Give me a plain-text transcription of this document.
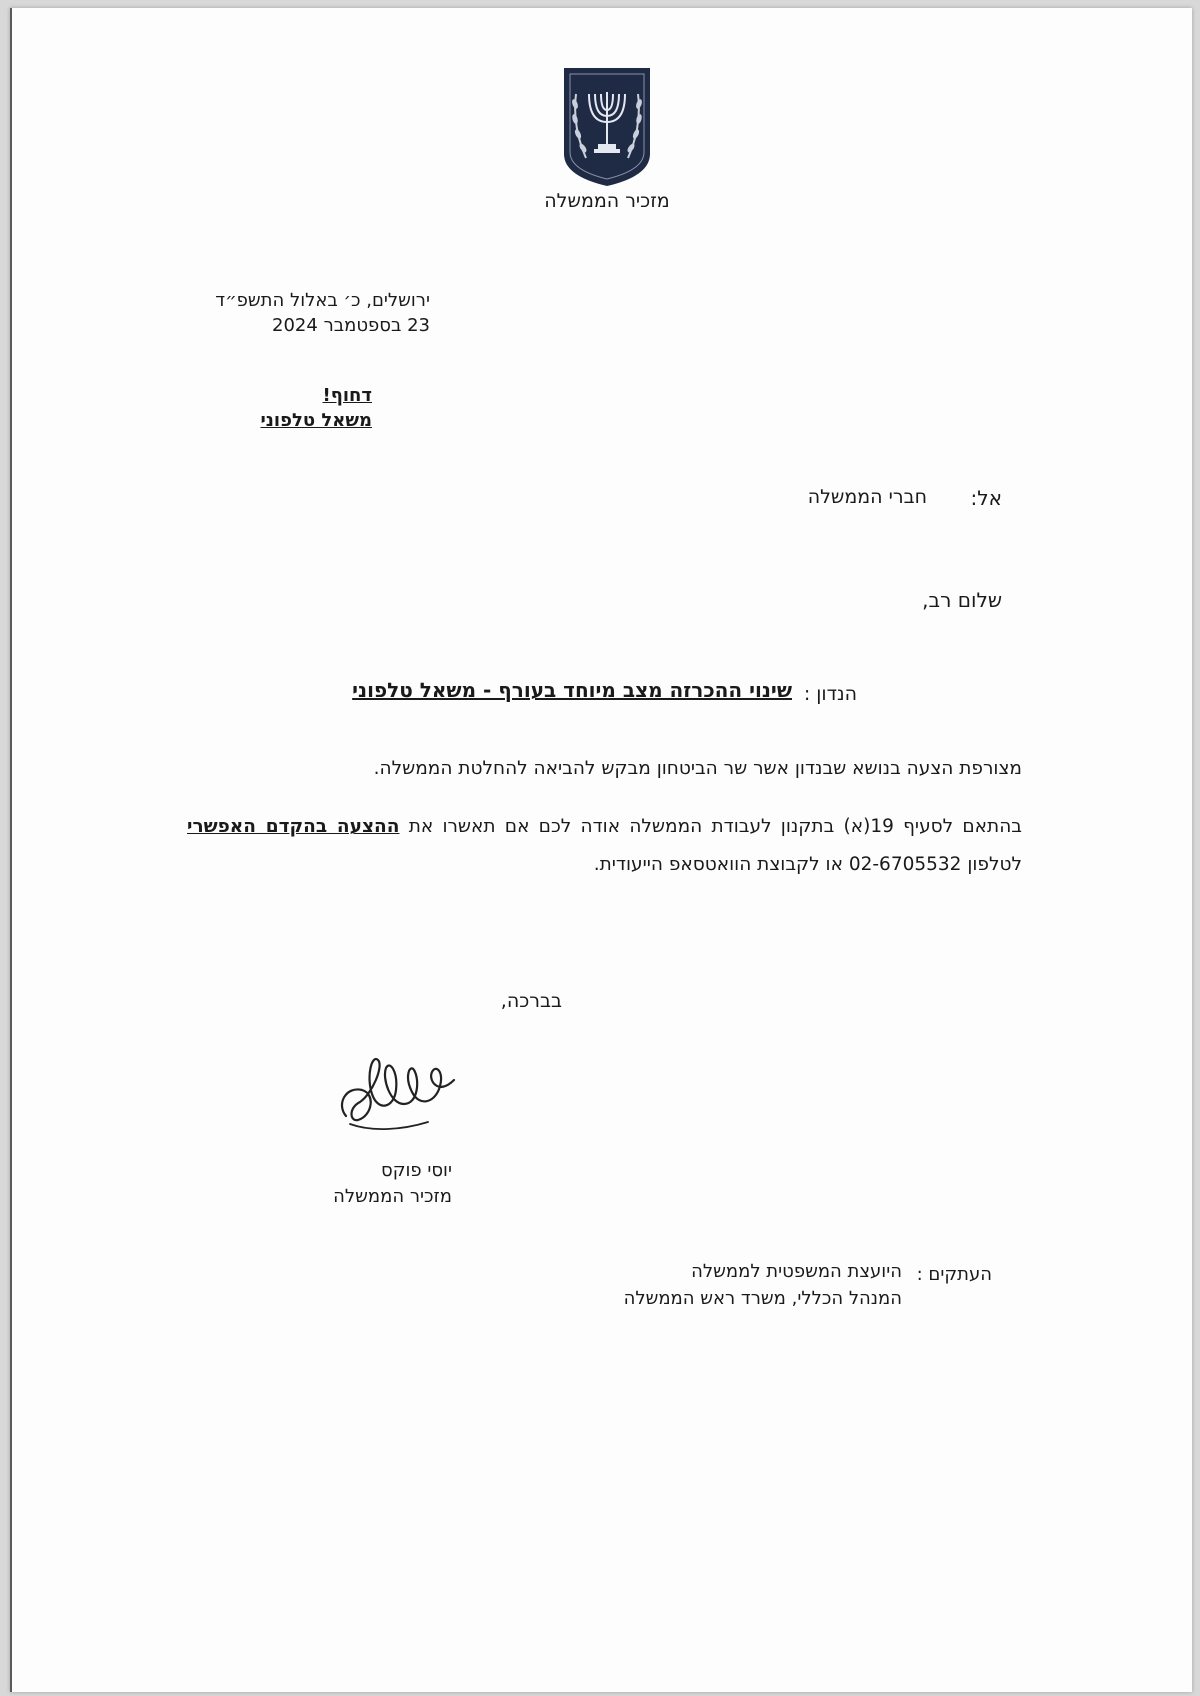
מזכיר הממשלה
ירושלים, כ׳ באלול התשפ״ד
23 בספטמבר 2024
דחוף!
משאל טלפוני
אל:
חברי הממשלה
שלום רב,
הנדון :
שינוי ההכרזה מצב מיוחד בעורף - משאל טלפוני
מצורפת הצעה בנושא שבנדון אשר שר הביטחון מבקש להביאה להחלטת הממשלה.
בהתאם לסעיף 19(א) בתקנון לעבודת הממשלה אודה לכם אם תאשרו את ההצעה בהקדם האפשרי לטלפון 02-6705532 או לקבוצת הוואטסאפ הייעודית.
בברכה,
יוסי פוקס
מזכיר הממשלה
העתקים :
היועצת המשפטית לממשלה
המנהל הכללי, משרד ראש הממשלה
